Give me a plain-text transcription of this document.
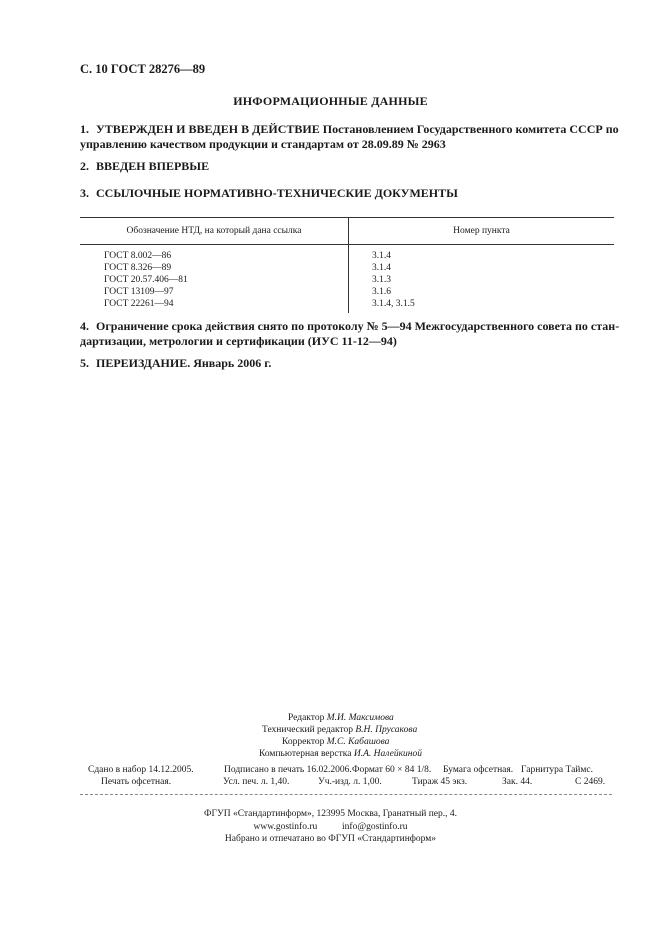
С. 10 ГОСТ 28276—89
ИНФОРМАЦИОННЫЕ ДАННЫЕ
1. УТВЕРЖДЕН И ВВЕДЕН В ДЕЙСТВИЕ Постановлением Государственного комитета СССР по
управлению качеством продукции и стандартам от 28.09.89 № 2963
2. ВВЕДЕН ВПЕРВЫЕ
3. ССЫЛОЧНЫЕ НОРМАТИВНО-ТЕХНИЧЕСКИЕ ДОКУМЕНТЫ
Обозначение НТД, на который дана ссылка	Номер пункта
ГОСТ 8.002—86	3.1.4
ГОСТ 8.326—89	3.1.4
ГОСТ 20.57.406—81	3.1.3
ГОСТ 13109—97	3.1.6
ГОСТ 22261—94	3.1.4, 3.1.5
4. Ограничение срока действия снято по протоколу № 5—94 Межгосударственного совета по стан-
дартизации, метрологии и сертификации (ИУС 11-12—94)
5. ПЕРЕИЗДАНИЕ. Январь 2006 г.
Редактор М.И. Максимова
Технический редактор В.Н. Прусакова
Корректор М.С. Кабашова
Компьютерная верстка И.А. Налейкиной
Сдано в набор 14.12.2005.	Подписано в печать 16.02.2006. Формат 60 × 84 1/8. Бумага офсетная. Гарнитура Таймс.
Печать офсетная.	Усл. печ. л. 1,40.	Уч.-изд. л. 1,00.	Тираж 45 экз.	Зак. 44.	С 2469.
ФГУП «Стандартинформ», 123995 Москва, Гранатный пер., 4.
www.gostinfo.ru	info@gostinfo.ru
Набрано и отпечатано во ФГУП «Стандартинформ»
